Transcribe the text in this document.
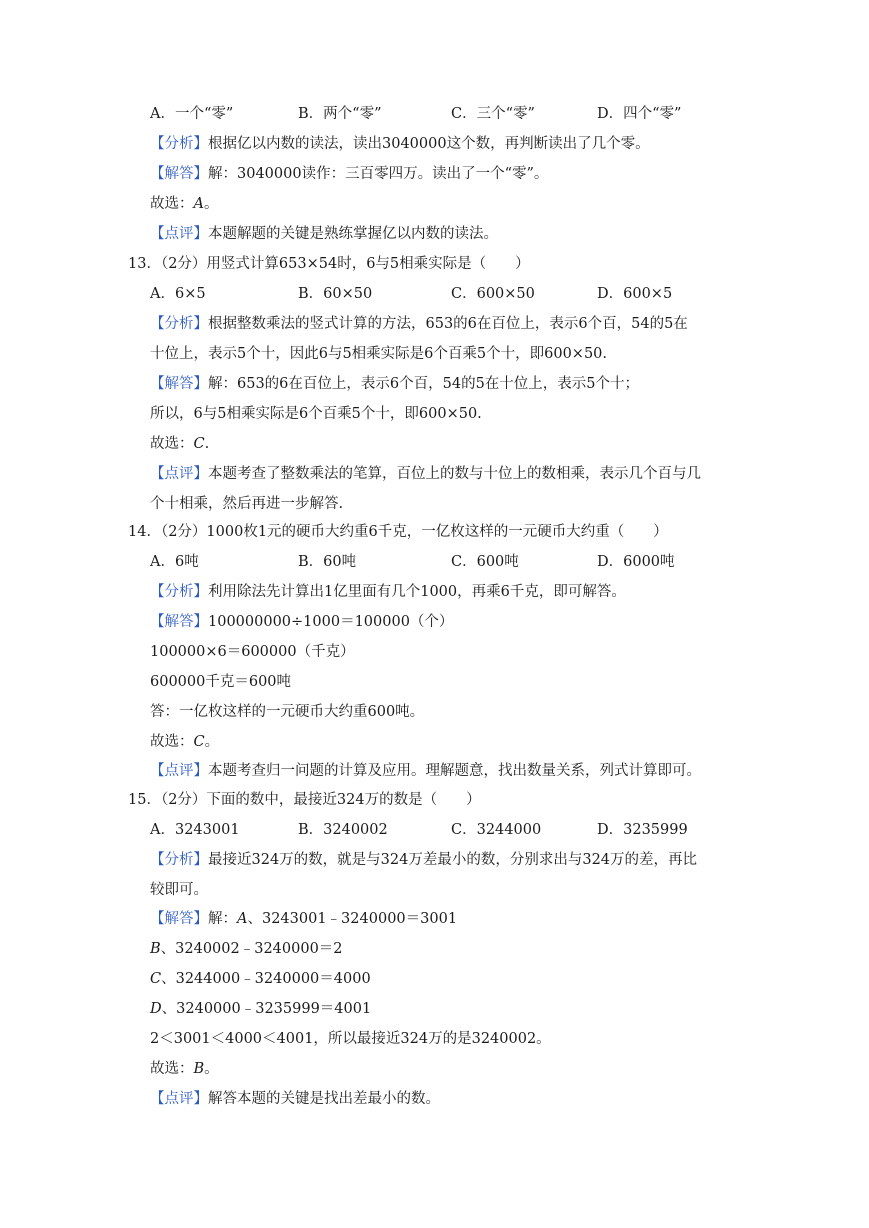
A．一个“零”	B．两个“零”	C．三个“零”	D．四个“零”
【分析】根据亿以内数的读法，读出3040000这个数，再判断读出了几个零。
【解答】解：3040000读作：三百零四万。读出了一个“零”。
故选：A。
【点评】本题解题的关键是熟练掌握亿以内数的读法。
13．（2分）用竖式计算653×54时，6与5相乘实际是（　　）
A．6×5	B．60×50	C．600×50	D．600×5
【分析】根据整数乘法的竖式计算的方法，653的6在百位上，表示6个百，54的5在
十位上，表示5个十，因此6与5相乘实际是6个百乘5个十，即600×50.
【解答】解：653的6在百位上，表示6个百，54的5在十位上，表示5个十；
所以，6与5相乘实际是6个百乘5个十，即600×50.
故选：C.
【点评】本题考查了整数乘法的笔算，百位上的数与十位上的数相乘，表示几个百与几
个十相乘，然后再进一步解答.
14．（2分）1000枚1元的硬币大约重6千克，一亿枚这样的一元硬币大约重（　　）
A．6吨	B．60吨	C．600吨	D．6000吨
【分析】利用除法先计算出1亿里面有几个1000，再乘6千克，即可解答。
【解答】100000000÷1000＝100000（个）
100000×6＝600000（千克）
600000千克＝600吨
答：一亿枚这样的一元硬币大约重600吨。
故选：C。
【点评】本题考查归一问题的计算及应用。理解题意，找出数量关系，列式计算即可。
15．（2分）下面的数中，最接近324万的数是（　　）
A．3243001	B．3240002	C．3244000	D．3235999
【分析】最接近324万的数，就是与324万差最小的数，分别求出与324万的差，再比
较即可。
【解答】解：A、3243001﹣3240000＝3001
B、3240002﹣3240000＝2
C、3244000﹣3240000＝4000
D、3240000﹣3235999＝4001
2＜3001＜4000＜4001，所以最接近324万的是3240002。
故选：B。
【点评】解答本题的关键是找出差最小的数。
